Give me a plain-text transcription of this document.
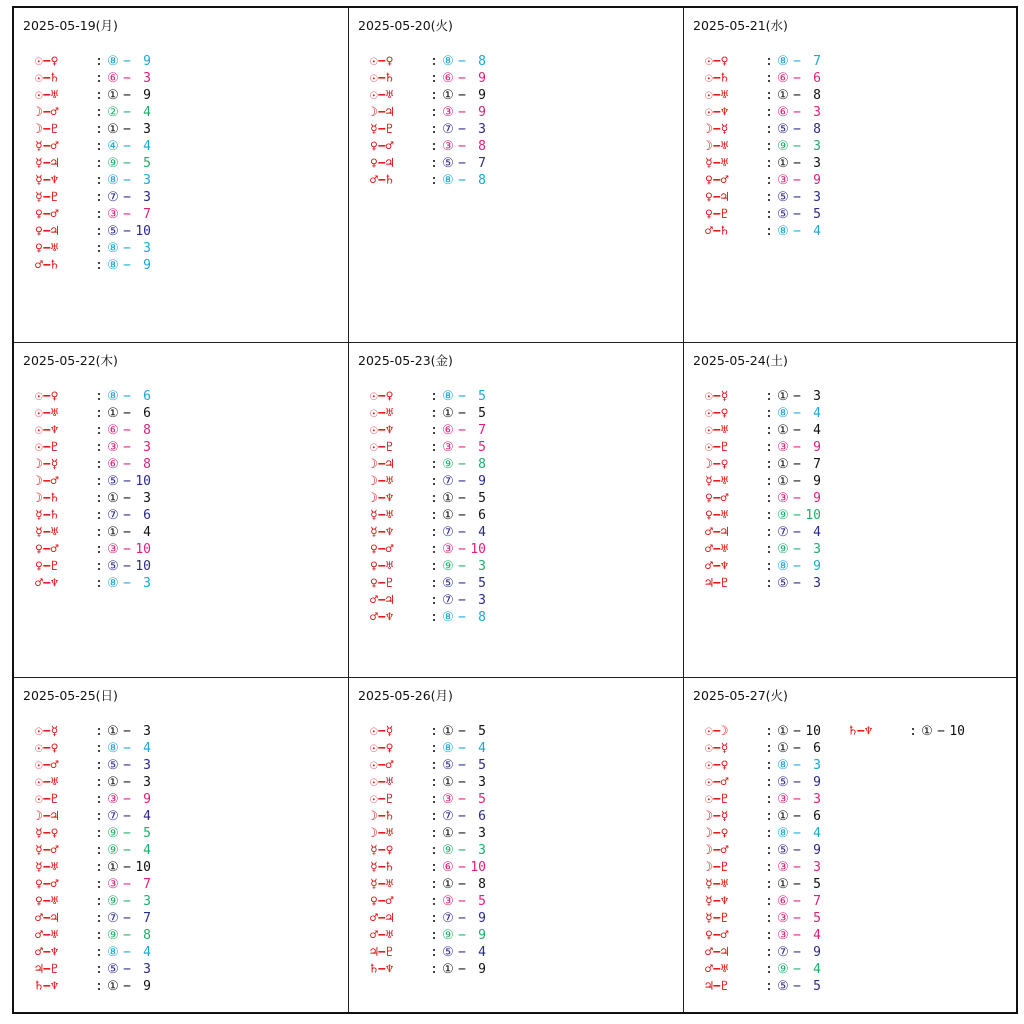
2025-05-19(月)
☉−♀	: ⑧ − 9
☉−♄	: ⑥ − 3
☉−♅	: ① − 9
☽−♂	: ② − 4
☽−♇	: ① − 3
☿−♂	: ④ − 4
☿−♃	: ⑨ − 5
☿−♆	: ⑧ − 3
☿−♇	: ⑦ − 3
♀−♂	: ③ − 7
♀−♃	: ⑤ − 10
♀−♅	: ⑧ − 3
♂−♄	: ⑧ − 9
2025-05-20(火)
☉−♀	: ⑧ − 8
☉−♄	: ⑥ − 9
☉−♅	: ① − 9
☽−♃	: ③ − 9
☿−♇	: ⑦ − 3
♀−♂	: ③ − 8
♀−♃	: ⑤ − 7
♂−♄	: ⑧ − 8
2025-05-21(水)
☉−♀	: ⑧ − 7
☉−♄	: ⑥ − 6
☉−♅	: ① − 8
☉−♆	: ⑥ − 3
☽−☿	: ⑤ − 8
☽−♅	: ⑨ − 3
☿−♅	: ① − 3
♀−♂	: ③ − 9
♀−♃	: ⑤ − 3
♀−♇	: ⑤ − 5
♂−♄	: ⑧ − 4
2025-05-22(木)
☉−♀	: ⑧ − 6
☉−♅	: ① − 6
☉−♆	: ⑥ − 8
☉−♇	: ③ − 3
☽−☿	: ⑥ − 8
☽−♂	: ⑤ − 10
☽−♄	: ① − 3
☿−♄	: ⑦ − 6
☿−♅	: ① − 4
♀−♂	: ③ − 10
♀−♇	: ⑤ − 10
♂−♆	: ⑧ − 3
2025-05-23(金)
☉−♀	: ⑧ − 5
☉−♅	: ① − 5
☉−♆	: ⑥ − 7
☉−♇	: ③ − 5
☽−♃	: ⑨ − 8
☽−♅	: ⑦ − 9
☽−♆	: ① − 5
☿−♅	: ① − 6
☿−♆	: ⑦ − 4
♀−♂	: ③ − 10
♀−♅	: ⑨ − 3
♀−♇	: ⑤ − 5
♂−♃	: ⑦ − 3
♂−♆	: ⑧ − 8
2025-05-24(土)
☉−☿	: ① − 3
☉−♀	: ⑧ − 4
☉−♅	: ① − 4
☉−♇	: ③ − 9
☽−♀	: ① − 7
☿−♅	: ① − 9
♀−♂	: ③ − 9
♀−♅	: ⑨ − 10
♂−♃	: ⑦ − 4
♂−♅	: ⑨ − 3
♂−♆	: ⑧ − 9
♃−♇	: ⑤ − 3
2025-05-25(日)
☉−☿	: ① − 3
☉−♀	: ⑧ − 4
☉−♂	: ⑤ − 3
☉−♅	: ① − 3
☉−♇	: ③ − 9
☽−♃	: ⑦ − 4
☿−♀	: ⑨ − 5
☿−♂	: ⑨ − 4
☿−♅	: ① − 10
♀−♂	: ③ − 7
♀−♅	: ⑨ − 3
♂−♃	: ⑦ − 7
♂−♅	: ⑨ − 8
♂−♆	: ⑧ − 4
♃−♇	: ⑤ − 3
♄−♆	: ① − 9
2025-05-26(月)
☉−☿	: ① − 5
☉−♀	: ⑧ − 4
☉−♂	: ⑤ − 5
☉−♅	: ① − 3
☉−♇	: ③ − 5
☽−♄	: ⑦ − 6
☽−♅	: ① − 3
☿−♀	: ⑨ − 3
☿−♄	: ⑥ − 10
☿−♅	: ① − 8
♀−♂	: ③ − 5
♂−♃	: ⑦ − 9
♂−♅	: ⑨ − 9
♃−♇	: ⑤ − 4
♄−♆	: ① − 9
2025-05-27(火)
☉−☽	: ① − 10
☉−☿	: ① − 6
☉−♀	: ⑧ − 3
☉−♂	: ⑤ − 9
☉−♇	: ③ − 3
☽−☿	: ① − 6
☽−♀	: ⑧ − 4
☽−♂	: ⑤ − 9
☽−♇	: ③ − 3
☿−♅	: ① − 5
☿−♆	: ⑥ − 7
☿−♇	: ③ − 5
♀−♂	: ③ − 4
♂−♃	: ⑦ − 9
♂−♅	: ⑨ − 4
♃−♇	: ⑤ − 5
♄−♆	: ① − 10
